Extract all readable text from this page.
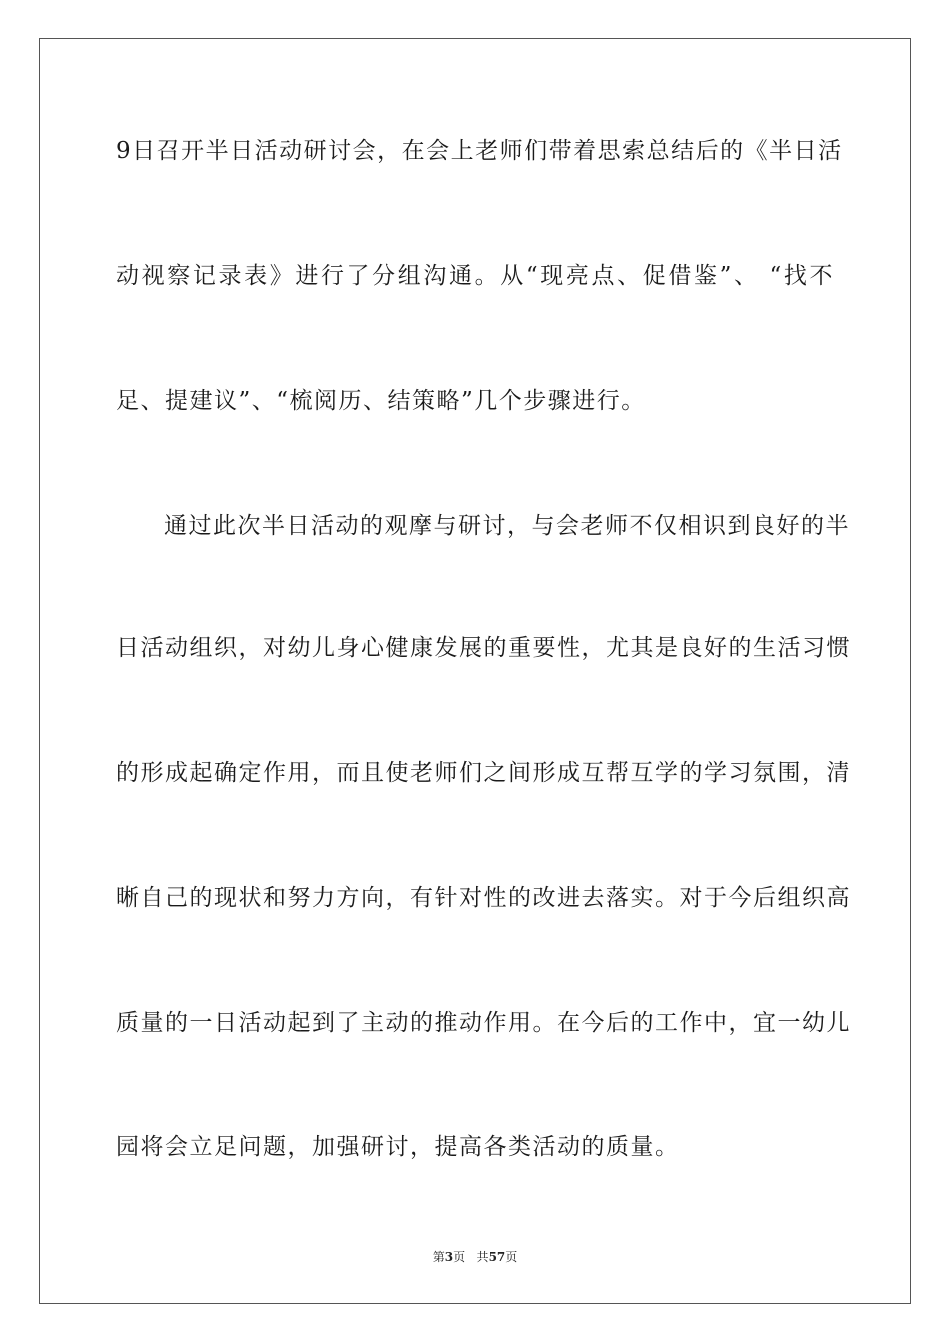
9日召开半日活动研讨会，在会上老师们带着思索总结后的《半日活
动视察记录表》进行了分组沟通。从“现亮点、促借鉴”、 “找不
足、提建议”、“梳阅历、结策略”几个步骤进行。
通过此次半日活动的观摩与研讨，与会老师不仅相识到良好的半
日活动组织，对幼儿身心健康发展的重要性，尤其是良好的生活习惯
的形成起确定作用，而且使老师们之间形成互帮互学的学习氛围，清
晰自己的现状和努力方向，有针对性的改进去落实。对于今后组织高
质量的一日活动起到了主动的推动作用。在今后的工作中，宜一幼儿
园将会立足问题，加强研讨，提高各类活动的质量。
第3页 共57页
